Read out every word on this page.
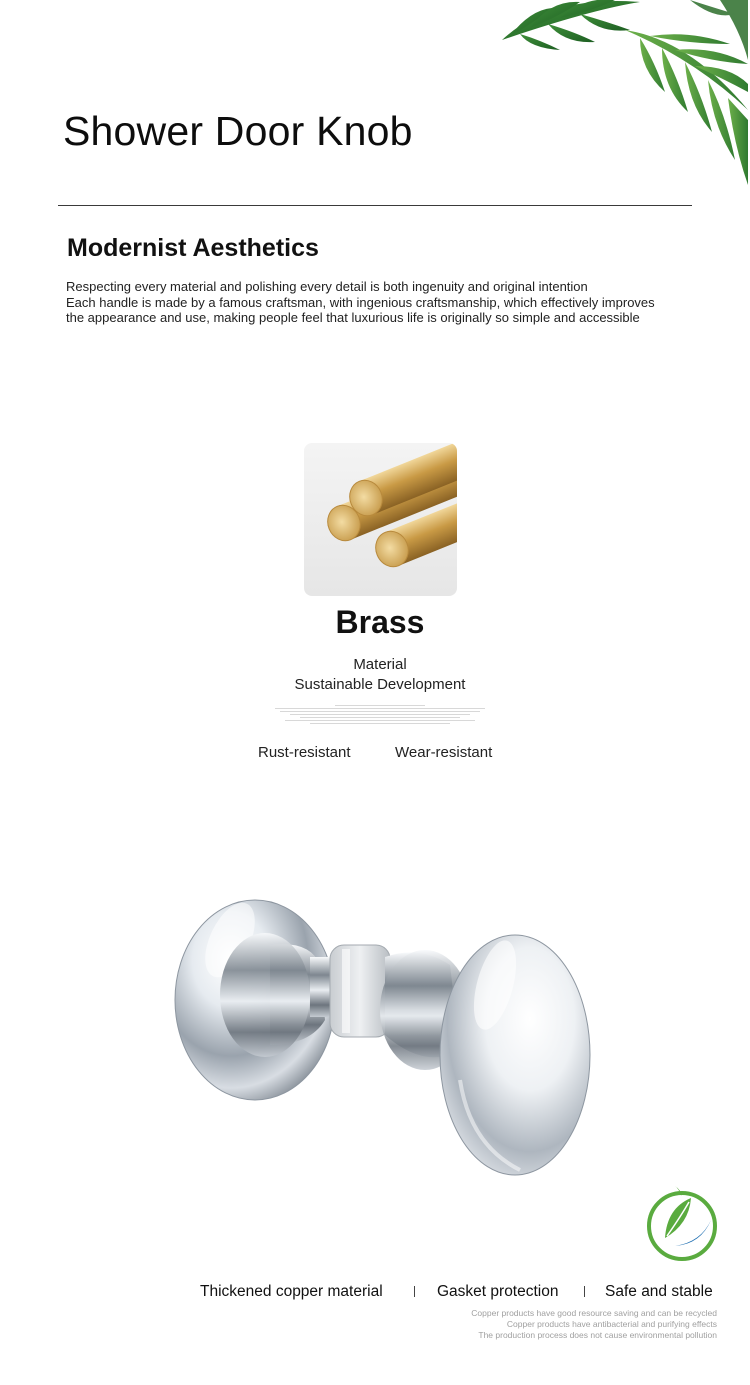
Shower Door Knob
Modernist Aesthetics

Respecting every material and polishing every detail is both ingenuity and original intention

Each handle is made by a famous craftsman, with ingenious craftsmanship, which effectively improves

the appearance and use, making people feel that luxurious life is originally so simple and accessible

Brass
Material
Sustainable Development
Rust-resistant	Wear-resistant
Thickened copper material	Gasket protection	Safe and stable

Copper products have good resource saving and can be recycled

Copper products have antibacterial and purifying effects

The production process does not cause environmental pollution
